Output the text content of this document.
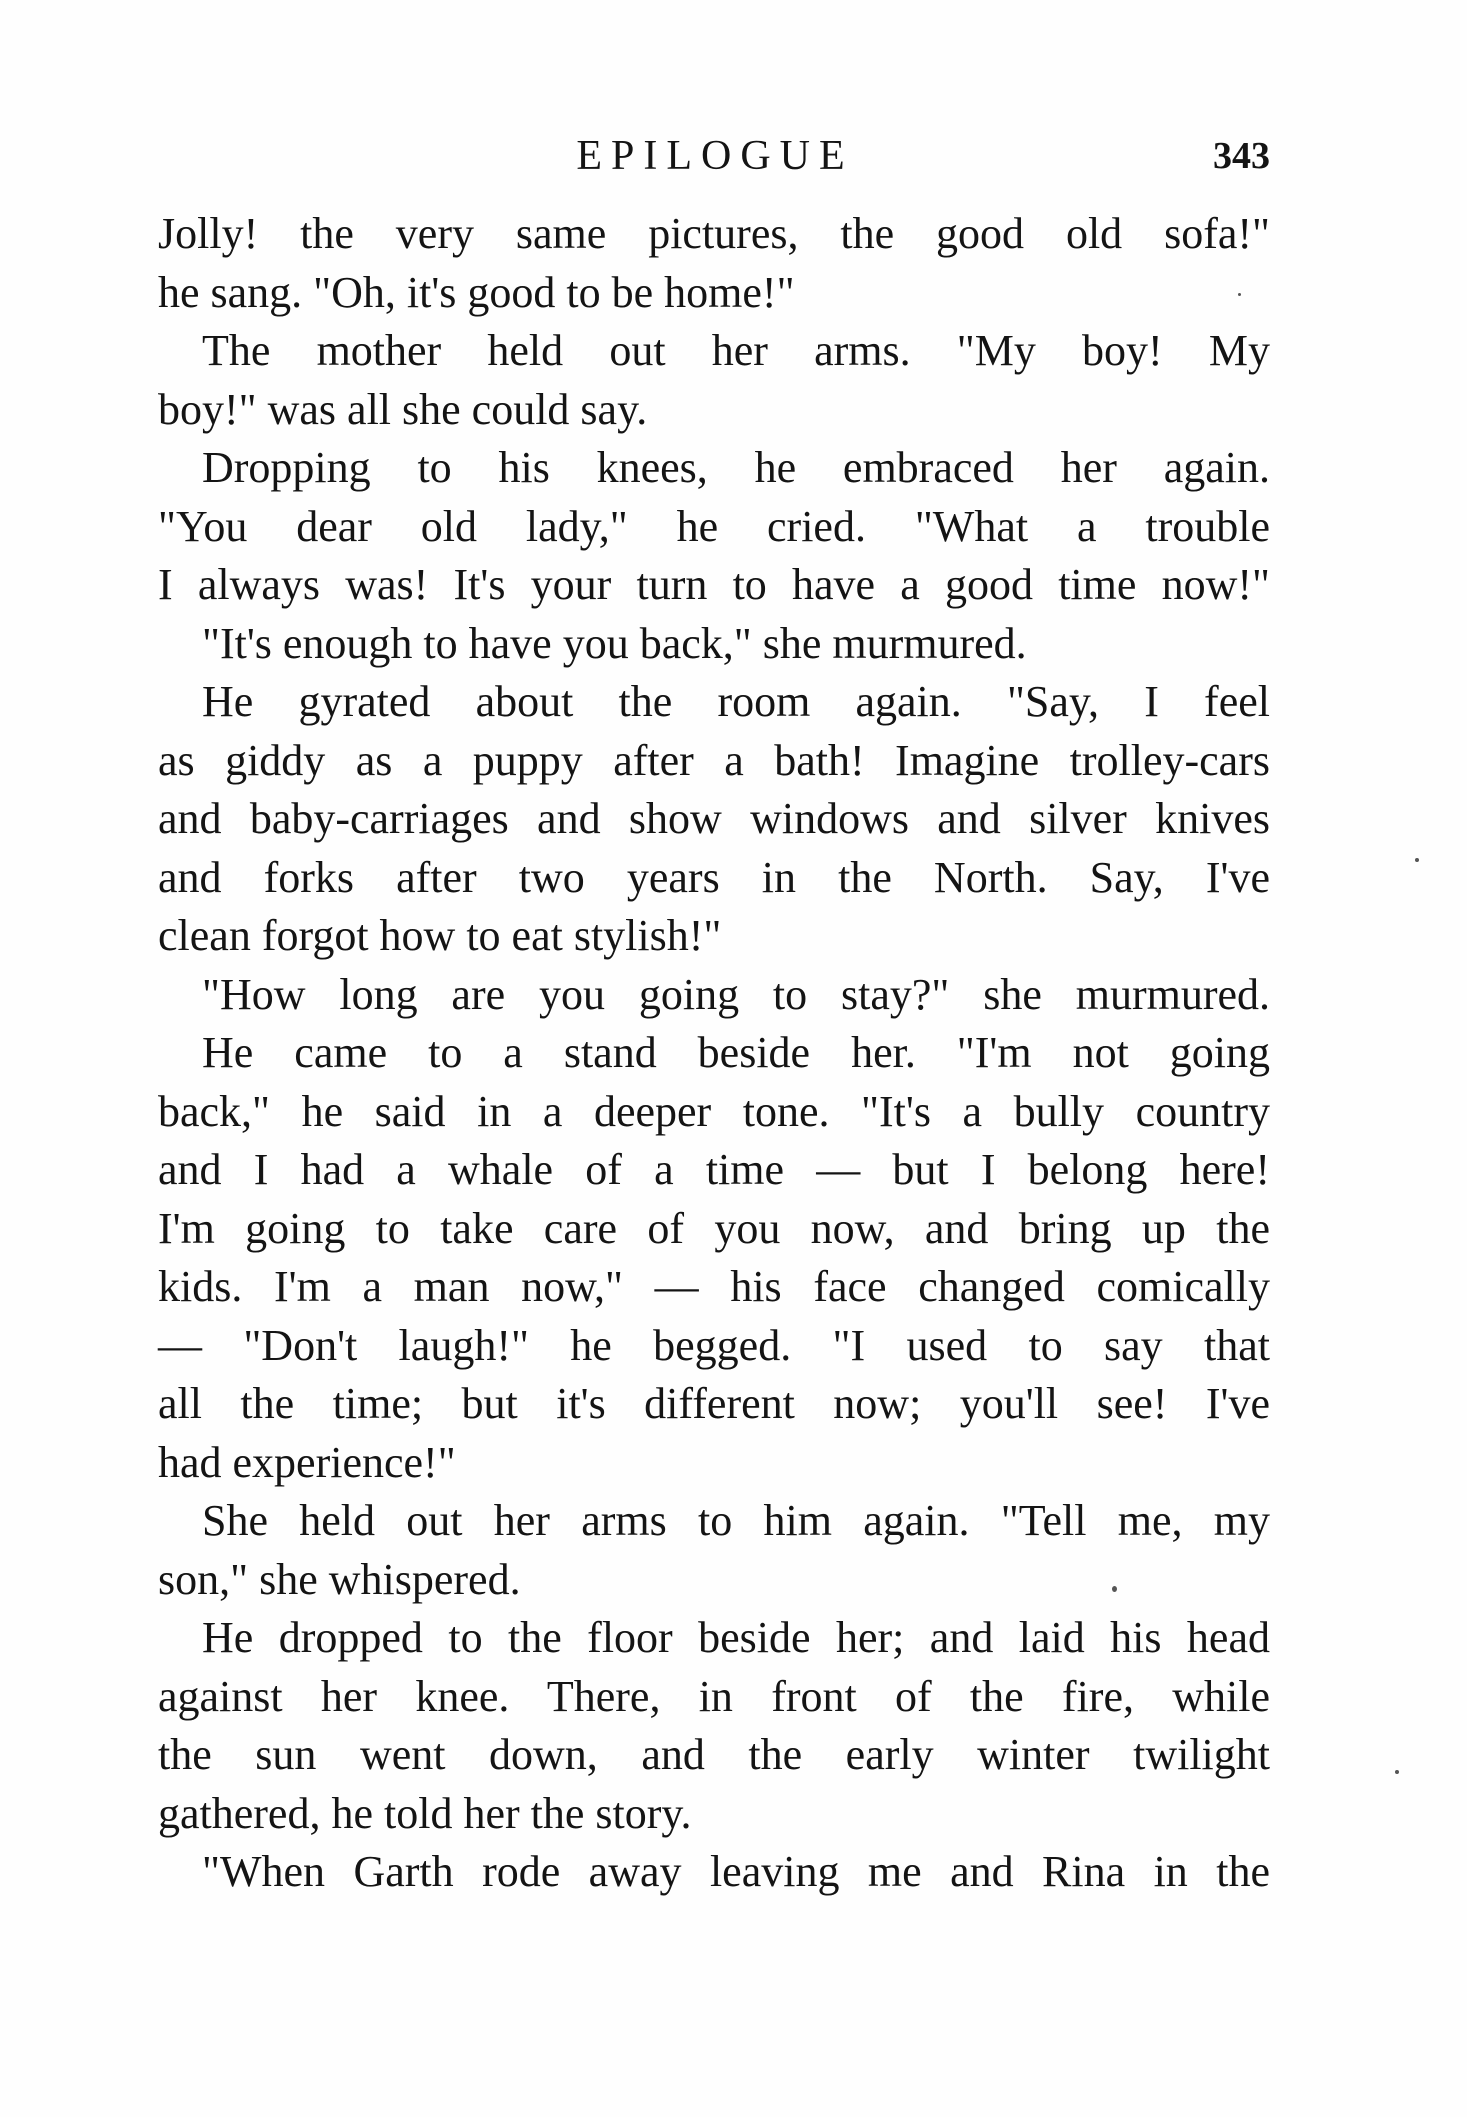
EPILOGUE	343
Jolly! the very same pictures, the good old sofa!"
he sang. "Oh, it's good to be home!"
The mother held out her arms. "My boy! My
boy!" was all she could say.
Dropping to his knees, he embraced her again.
"You dear old lady," he cried. "What a trouble
I always was! It's your turn to have a good time now!"
"It's enough to have you back," she murmured.
He gyrated about the room again. "Say, I feel
as giddy as a puppy after a bath! Imagine trolley-cars
and baby-carriages and show windows and silver knives
and forks after two years in the North. Say, I've
clean forgot how to eat stylish!"
"How long are you going to stay?" she murmured.
He came to a stand beside her. "I'm not going
back," he said in a deeper tone. "It's a bully country
and I had a whale of a time — but I belong here!
I'm going to take care of you now, and bring up the
kids. I'm a man now," — his face changed comically
— "Don't laugh!" he begged. "I used to say that
all the time; but it's different now; you'll see! I've
had experience!"
She held out her arms to him again. "Tell me, my
son," she whispered.
He dropped to the floor beside her; and laid his head
against her knee. There, in front of the fire, while
the sun went down, and the early winter twilight
gathered, he told her the story.
"When Garth rode away leaving me and Rina in the
